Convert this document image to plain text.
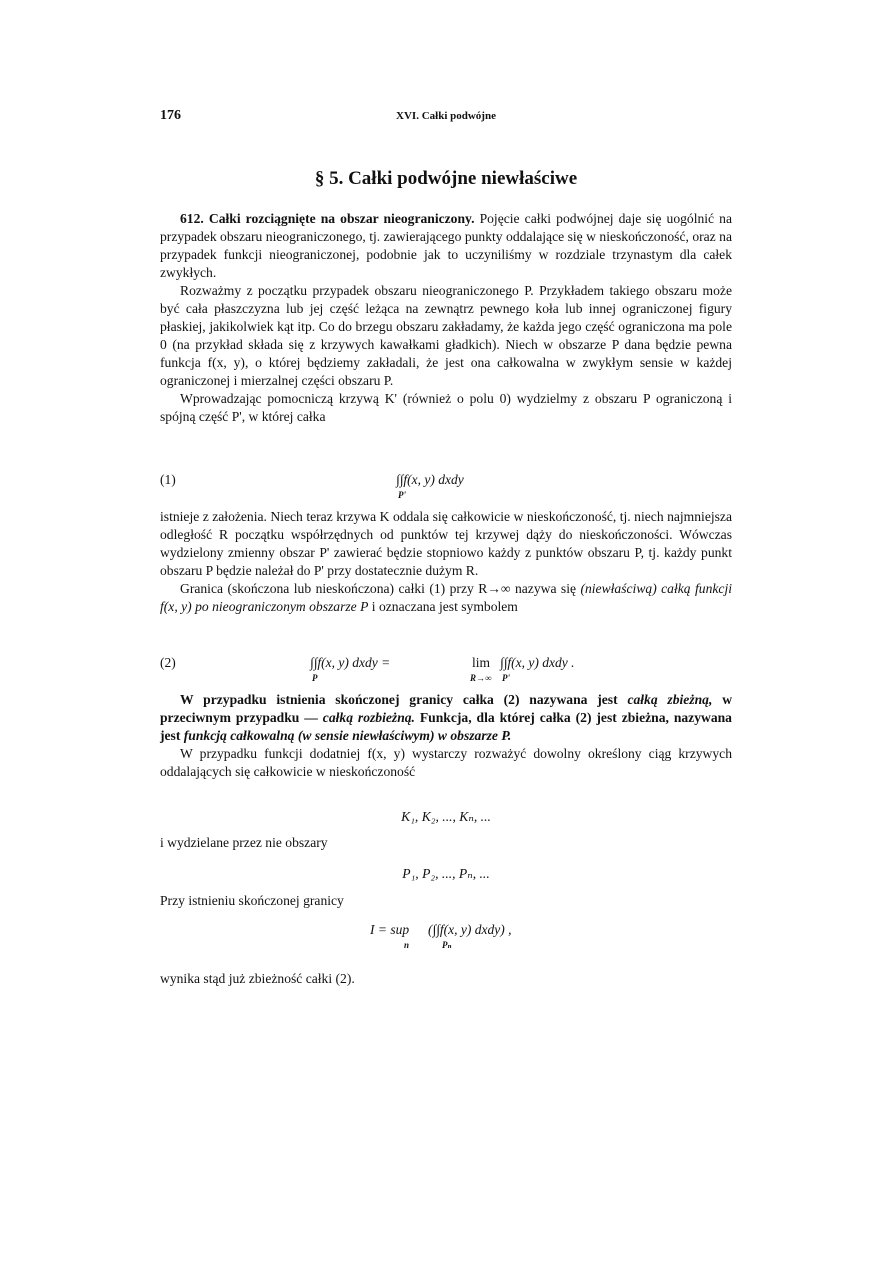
176	XVI. Całki podwójne
§ 5. Całki podwójne niewłaściwe

612. Całki rozciągnięte na obszar nieograniczony. Pojęcie całki podwójnej daje się uogólnić na przypadek obszaru nieograniczonego, tj. zawierającego punkty oddalające się w nieskończoność, oraz na przypadek funkcji nieograniczonej, podobnie jak to uczyniliśmy w rozdziale trzynastym dla całek zwykłych.

Rozważmy z początku przypadek obszaru nieograniczonego P. Przykładem takiego obszaru może być cała płaszczyzna lub jej część leżąca na zewnątrz pewnego koła lub innej ograniczonej figury płaskiej, jakikolwiek kąt itp. Co do brzegu obszaru zakładamy, że każda jego część ograniczona ma pole 0 (na przykład składa się z krzywych kawałkami gładkich). Niech w obszarze P dana będzie pewna funkcja f(x, y), o której będziemy zakładali, że jest ona całkowalna w zwykłym sensie w każdej ograniczonej i mierzalnej części obszaru P.

Wprowadzając pomocniczą krzywą K' (również o polu 0) wydzielmy z obszaru P ograniczoną i spójną część P', w której całka

(1)	∫∫f(x, y) dxdy
P'

istnieje z założenia. Niech teraz krzywa K oddala się całkowicie w nieskończoność, tj. niech najmniejsza odległość R początku współrzędnych od punktów tej krzywej dąży do nieskończoności. Wówczas wydzielony zmienny obszar P' zawierać będzie stopniowo każdy z punktów obszaru P, tj. każdy punkt obszaru P będzie należał do P' przy dostatecznie dużym R.

Granica (skończona lub nieskończona) całki (1) przy R→∞ nazywa się (niewłaściwą) całką funkcji f(x, y) po nieograniczonym obszarze P i oznaczana jest symbolem

(2)	∫∫f(x, y) dxdy =	lim ∫∫f(x, y) dxdy .
P	R→∞ P'

W przypadku istnienia skończonej granicy całka (2) nazywana jest całką zbieżną, w przeciwnym przypadku — całką rozbieżną. Funkcja, dla której całka (2) jest zbieżna, nazywana jest funkcją całkowalną (w sensie niewłaściwym) w obszarze P.

W przypadku funkcji dodatniej f(x, y) wystarczy rozważyć dowolny określony ciąg krzywych oddalających się całkowicie w nieskończoność

K₁, K₂, ..., Kₙ, ...
i wydzielane przez nie obszary
P₁, P₂, ..., Pₙ, ...
Przy istnieniu skończonej granicy
I = sup (∫∫f(x, y) dxdy) ,
n	Pₙ
wynika stąd już zbieżność całki (2).
